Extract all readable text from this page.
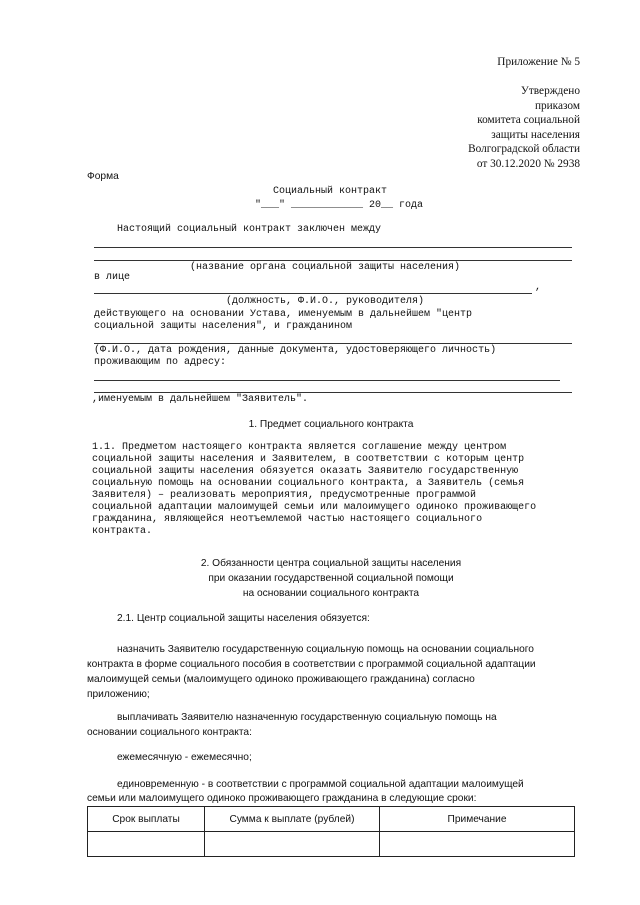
Приложение № 5
Утверждено
приказом
комитета социальной
защиты населения
Волгоградской области
от 30.12.2020 № 2938
Форма
Социальный контракт
"___" ____________ 20__ года
Настоящий социальный контракт заключен между
(название органа социальной защиты населения)
в лице
,
(должность, Ф.И.О., руководителя)
действующего на основании Устава, именуемым в дальнейшем "центр
социальной защиты населения", и гражданином
(Ф.И.О., дата рождения, данные документа, удостоверяющего личность)
проживающим по адресу:
,именуемым в дальнейшем "Заявитель".
1. Предмет социального контракта
1.1. Предметом настоящего контракта является соглашение между центром
социальной защиты населения и Заявителем, в соответствии с которым центр
социальной защиты населения обязуется оказать Заявителю государственную
социальную помощь на основании социального контракта, а Заявитель (семья
Заявителя) – реализовать мероприятия, предусмотренные программой
социальной адаптации малоимущей семьи или малоимущего одиноко проживающего
гражданина, являющейся неотъемлемой частью настоящего социального
контракта.
2. Обязанности центра социальной защиты населения
при оказании государственной социальной помощи
на основании социального контракта
2.1. Центр социальной защиты населения обязуется:
назначить Заявителю государственную социальную помощь на основании социального
контракта в форме социального пособия в соответствии с программой социальной адаптации
малоимущей семьи (малоимущего одиноко проживающего гражданина) согласно
приложению;
выплачивать Заявителю назначенную государственную социальную помощь на
основании социального контракта:
ежемесячную - ежемесячно;
единовременную - в соответствии с программой социальной адаптации малоимущей
семьи или малоимущего одиноко проживающего гражданина в следующие сроки:
Срок выплаты	Сумма к выплате (рублей)	Примечание
